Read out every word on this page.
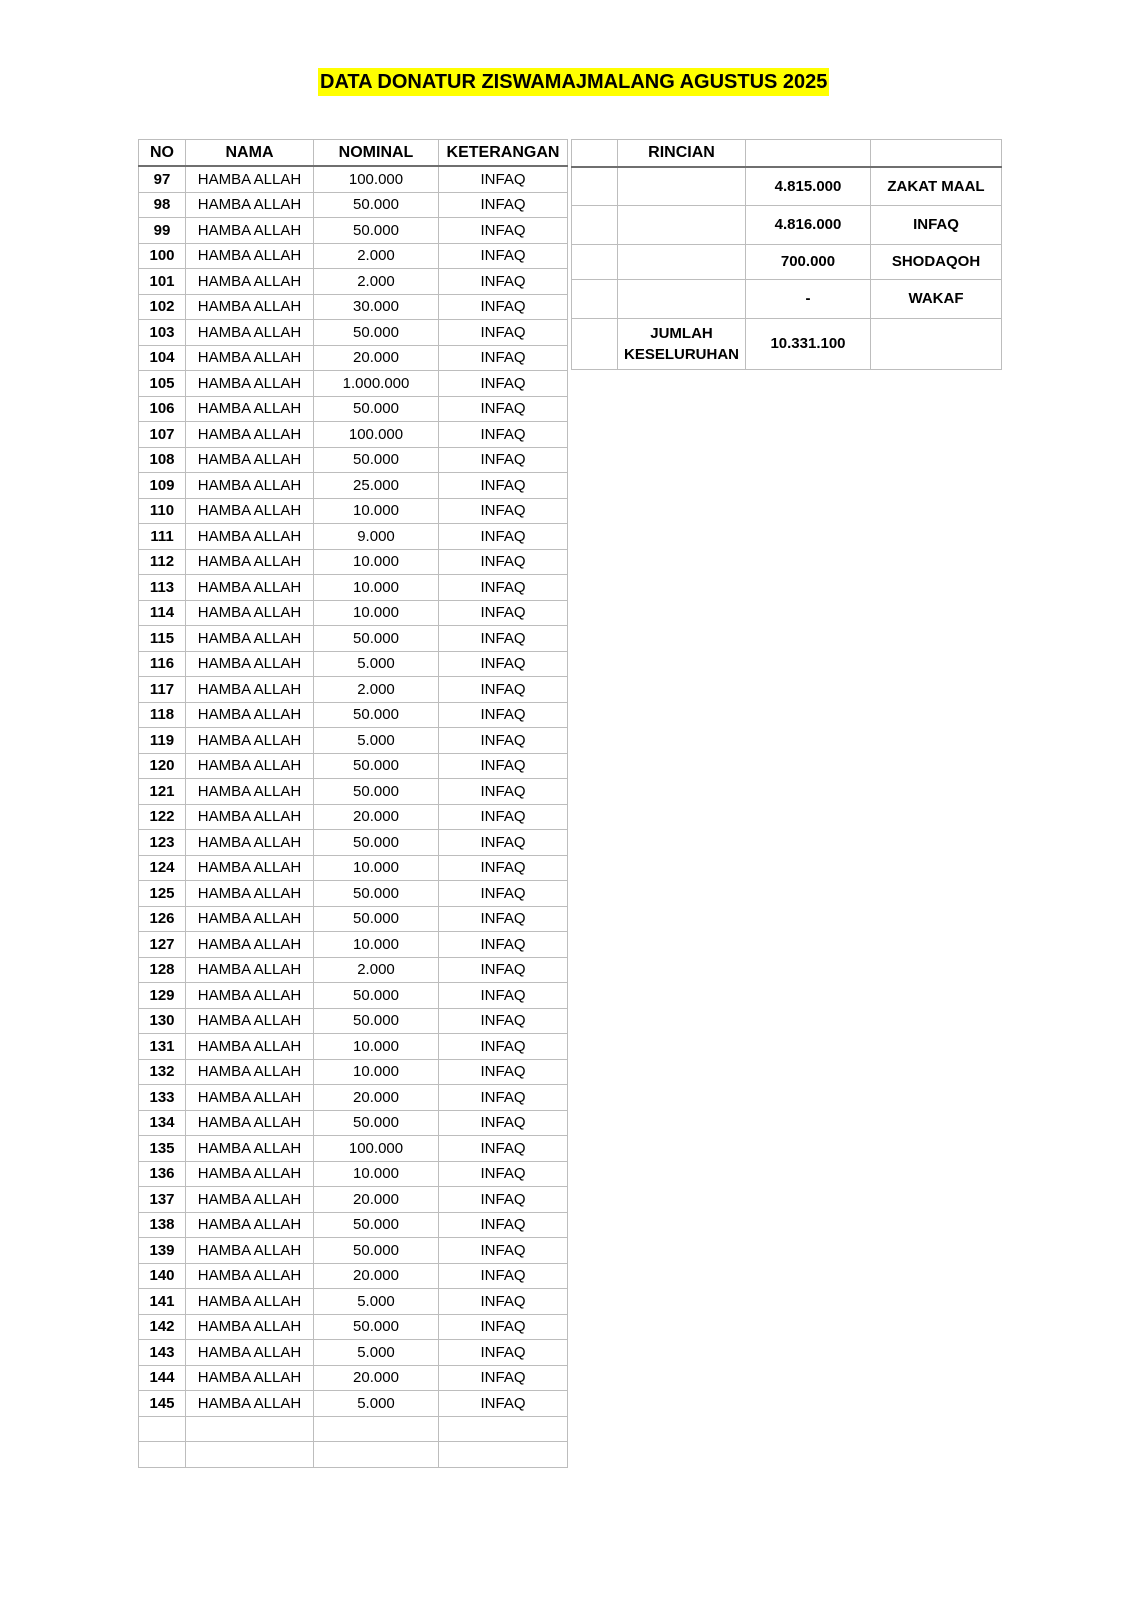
DATA DONATUR ZISWAMAJMALANG AGUSTUS 2025
NO	NAMA	NOMINAL	KETERANGAN
97	HAMBA ALLAH	100.000	INFAQ
98	HAMBA ALLAH	50.000	INFAQ
99	HAMBA ALLAH	50.000	INFAQ
100	HAMBA ALLAH	2.000	INFAQ
101	HAMBA ALLAH	2.000	INFAQ
102	HAMBA ALLAH	30.000	INFAQ
103	HAMBA ALLAH	50.000	INFAQ
104	HAMBA ALLAH	20.000	INFAQ
105	HAMBA ALLAH	1.000.000	INFAQ
106	HAMBA ALLAH	50.000	INFAQ
107	HAMBA ALLAH	100.000	INFAQ
108	HAMBA ALLAH	50.000	INFAQ
109	HAMBA ALLAH	25.000	INFAQ
110	HAMBA ALLAH	10.000	INFAQ
111	HAMBA ALLAH	9.000	INFAQ
112	HAMBA ALLAH	10.000	INFAQ
113	HAMBA ALLAH	10.000	INFAQ
114	HAMBA ALLAH	10.000	INFAQ
115	HAMBA ALLAH	50.000	INFAQ
116	HAMBA ALLAH	5.000	INFAQ
117	HAMBA ALLAH	2.000	INFAQ
118	HAMBA ALLAH	50.000	INFAQ
119	HAMBA ALLAH	5.000	INFAQ
120	HAMBA ALLAH	50.000	INFAQ
121	HAMBA ALLAH	50.000	INFAQ
122	HAMBA ALLAH	20.000	INFAQ
123	HAMBA ALLAH	50.000	INFAQ
124	HAMBA ALLAH	10.000	INFAQ
125	HAMBA ALLAH	50.000	INFAQ
126	HAMBA ALLAH	50.000	INFAQ
127	HAMBA ALLAH	10.000	INFAQ
128	HAMBA ALLAH	2.000	INFAQ
129	HAMBA ALLAH	50.000	INFAQ
130	HAMBA ALLAH	50.000	INFAQ
131	HAMBA ALLAH	10.000	INFAQ
132	HAMBA ALLAH	10.000	INFAQ
133	HAMBA ALLAH	20.000	INFAQ
134	HAMBA ALLAH	50.000	INFAQ
135	HAMBA ALLAH	100.000	INFAQ
136	HAMBA ALLAH	10.000	INFAQ
137	HAMBA ALLAH	20.000	INFAQ
138	HAMBA ALLAH	50.000	INFAQ
139	HAMBA ALLAH	50.000	INFAQ
140	HAMBA ALLAH	20.000	INFAQ
141	HAMBA ALLAH	5.000	INFAQ
142	HAMBA ALLAH	50.000	INFAQ
143	HAMBA ALLAH	5.000	INFAQ
144	HAMBA ALLAH	20.000	INFAQ
145	HAMBA ALLAH	5.000	INFAQ

	RINCIAN		
		4.815.000	ZAKAT MAAL
		4.816.000	INFAQ
		700.000	SHODAQOH
		-	WAKAF
	JUMLAH KESELURUHAN	10.331.100	
